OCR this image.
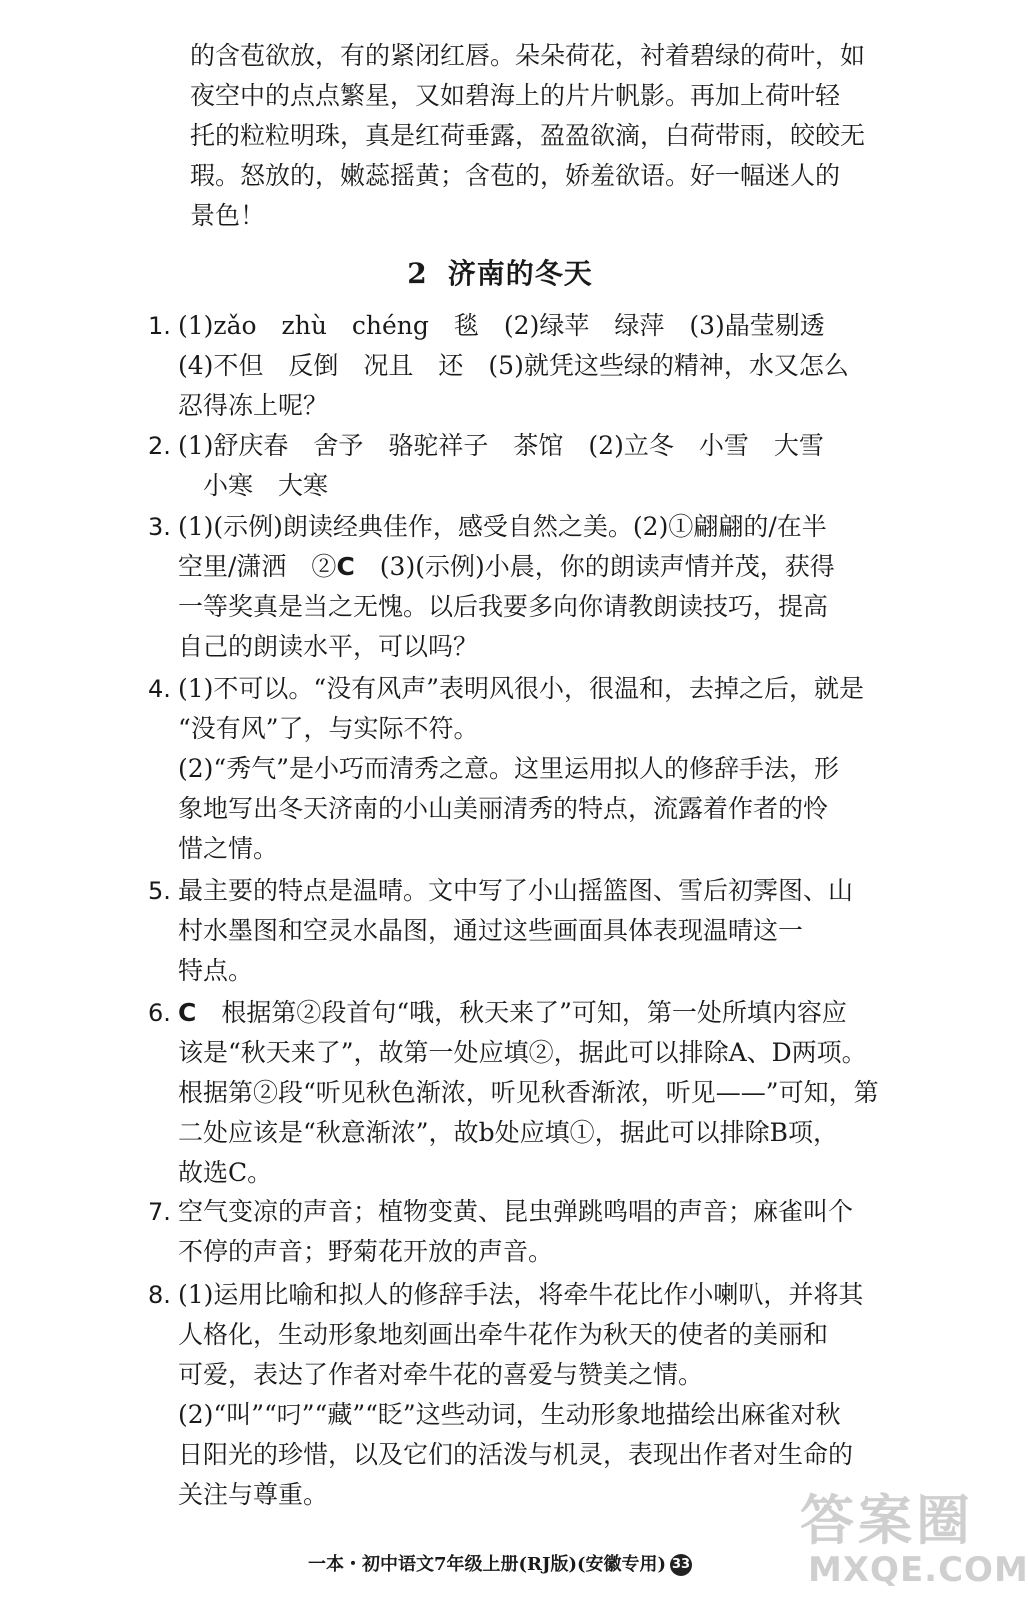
的含苞欲放，有的紧闭红唇。朵朵荷花，衬着碧绿的荷叶，如
夜空中的点点繁星，又如碧海上的片片帆影。再加上荷叶轻
托的粒粒明珠，真是红荷垂露，盈盈欲滴，白荷带雨，皎皎无
瑕。怒放的，嫩蕊摇黄；含苞的，娇羞欲语。好一幅迷人的
景色！
2 济南的冬天
1. (1)zǎo　zhù　chéng　毯　(2)绿苹　绿萍　(3)晶莹剔透
(4)不但　反倒　况且　还　(5)就凭这些绿的精神，水又怎么
忍得冻上呢？
2. (1)舒庆春　舍予　骆驼祥子　茶馆　(2)立冬　小雪　大雪
　小寒　大寒
3. (1)(示例)朗读经典佳作，感受自然之美。(2)①翩翩的/在半
空里/潇洒　②C　(3)(示例)小晨，你的朗读声情并茂，获得
一等奖真是当之无愧。以后我要多向你请教朗读技巧，提高
自己的朗读水平，可以吗？
4. (1)不可以。“没有风声”表明风很小，很温和，去掉之后，就是
“没有风”了，与实际不符。
(2)“秀气”是小巧而清秀之意。这里运用拟人的修辞手法，形
象地写出冬天济南的小山美丽清秀的特点，流露着作者的怜
惜之情。
5. 最主要的特点是温晴。文中写了小山摇篮图、雪后初霁图、山
村水墨图和空灵水晶图，通过这些画面具体表现温晴这一
特点。
6. C　根据第②段首句“哦，秋天来了”可知，第一处所填内容应
该是“秋天来了”，故第一处应填②，据此可以排除A、D两项。
根据第②段“听见秋色渐浓，听见秋香渐浓，听见——”可知，第
二处应该是“秋意渐浓”，故b处应填①，据此可以排除B项，
故选C。
7. 空气变凉的声音；植物变黄、昆虫弹跳鸣唱的声音；麻雀叫个
不停的声音；野菊花开放的声音。
8. (1)运用比喻和拟人的修辞手法，将牵牛花比作小喇叭，并将其
人格化，生动形象地刻画出牵牛花作为秋天的使者的美丽和
可爱，表达了作者对牵牛花的喜爱与赞美之情。
(2)“叫”“叼”“藏”“眨”这些动词，生动形象地描绘出麻雀对秋
日阳光的珍惜，以及它们的活泼与机灵，表现出作者对生命的
关注与尊重。
一本・初中语文7年级上册(RJ版)(安徽专用) 33
答案圈
MXQE.COM
